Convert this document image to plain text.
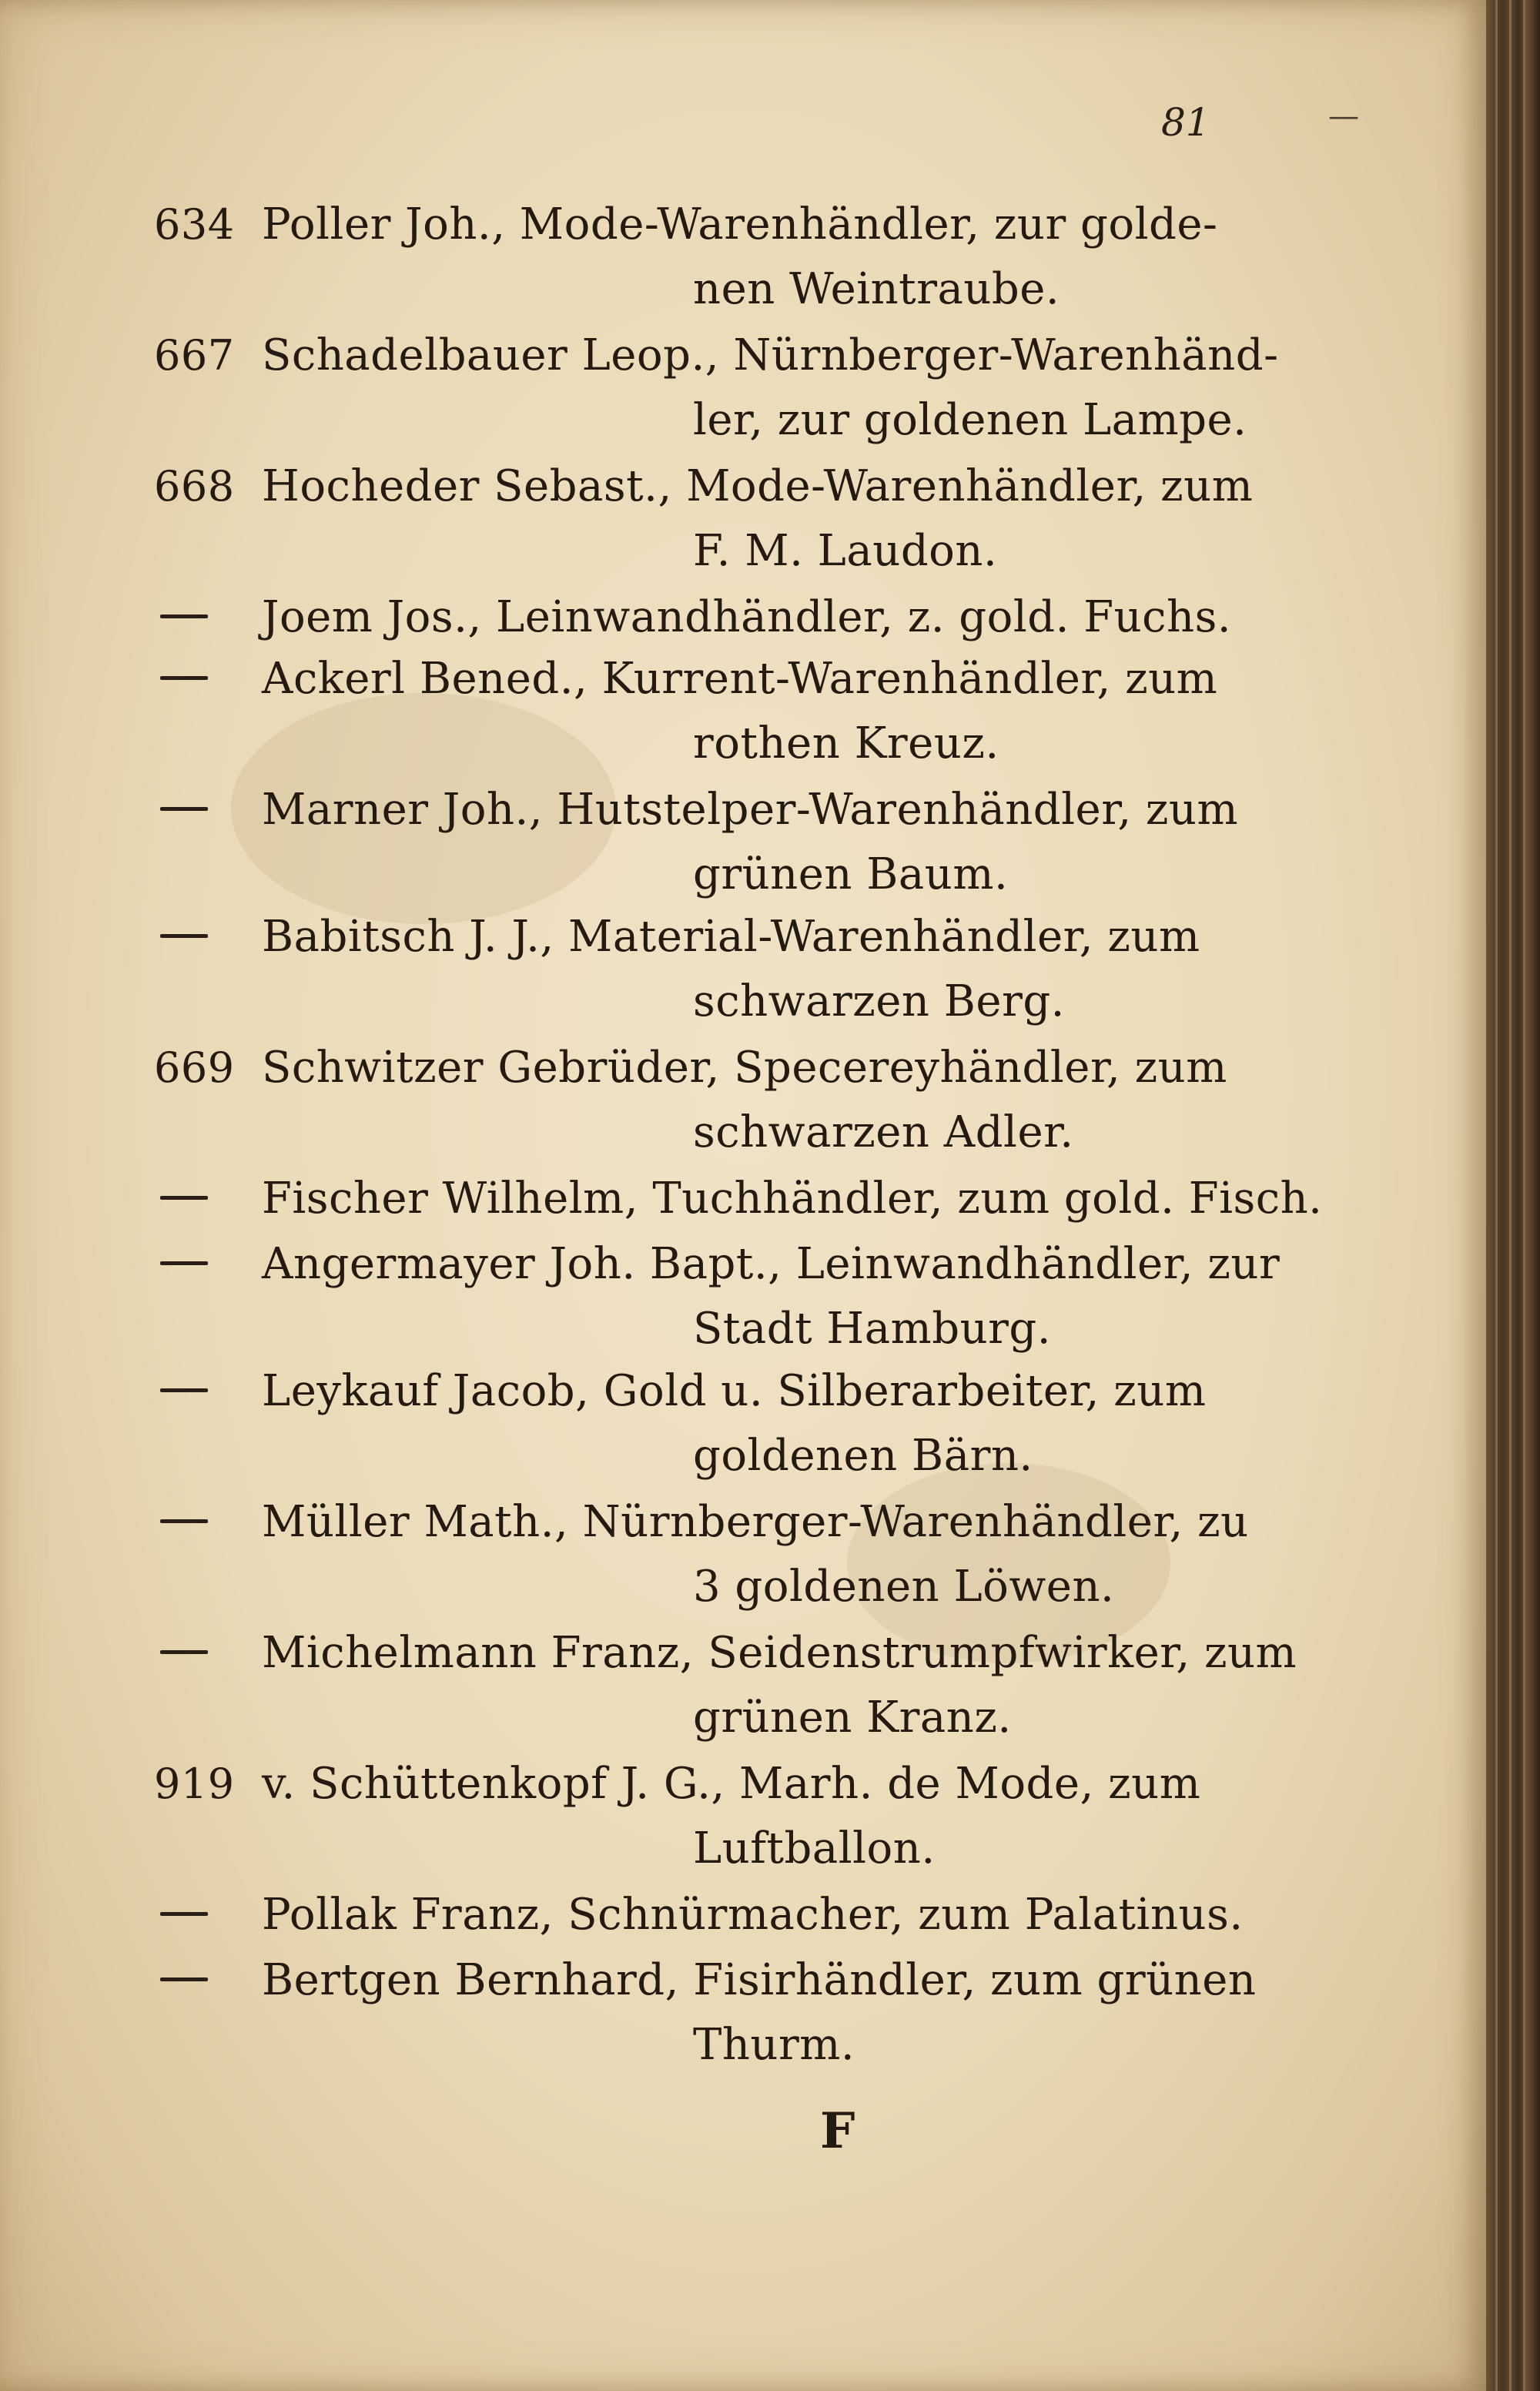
81	—
634 Poller Joh., Mode-Warenhändler, zur golde-
nen Weintraube.
667 Schadelbauer Leop., Nürnberger-Warenhänd-
ler, zur goldenen Lampe.
668 Hocheder Sebast., Mode-Warenhändler, zum
F. M. Laudon.
Joem Jos., Leinwandhändler, z. gold. Fuchs.
Ackerl Bened., Kurrent-Warenhändler, zum
rothen Kreuz.
Marner Joh., Hutstelper-Warenhändler, zum
grünen Baum.
Babitsch J. J., Material-Warenhändler, zum
schwarzen Berg.
669 Schwitzer Gebrüder, Specereyhändler, zum
schwarzen Adler.
Fischer Wilhelm, Tuchhändler, zum gold. Fisch.
Angermayer Joh. Bapt., Leinwandhändler, zur
Stadt Hamburg.
Leykauf Jacob, Gold u. Silberarbeiter, zum
goldenen Bärn.
Müller Math., Nürnberger-Warenhändler, zu
3 goldenen Löwen.
Michelmann Franz, Seidenstrumpfwirker, zum
grünen Kranz.
919 v. Schüttenkopf J. G., Marh. de Mode, zum
Luftballon.
Pollak Franz, Schnürmacher, zum Palatinus.
Bertgen Bernhard, Fisirhändler, zum grünen
Thurm.
F
